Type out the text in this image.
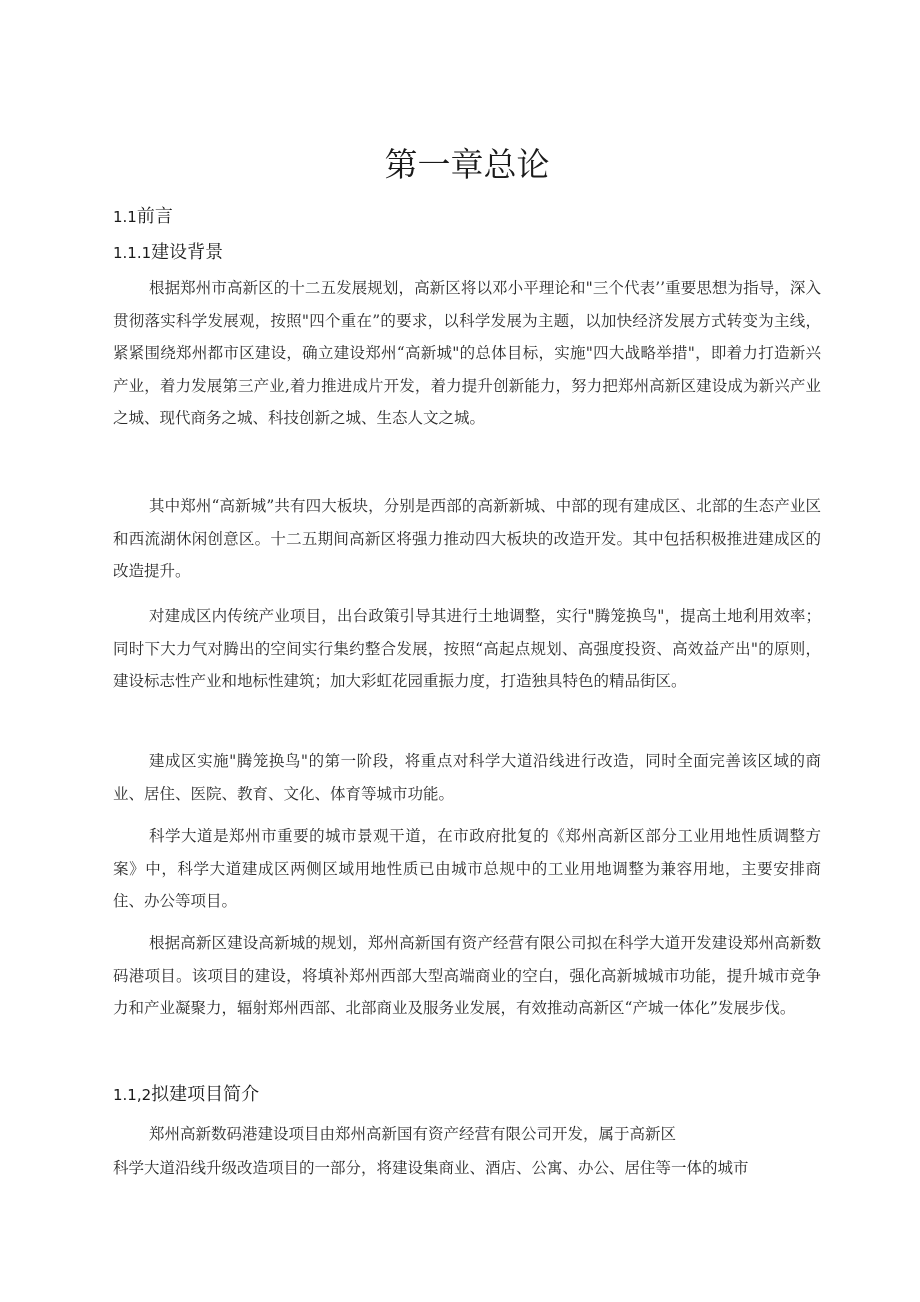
第一章总论
1.1前言
1.1.1建设背景

根据郑州市高新区的十二五发展规划，高新区将以邓小平理论和"三个代表’’重要思想为指导，深入贯彻落实科学发展观，按照"四个重在”的要求，以科学发展为主题，以加快经济发展方式转变为主线，紧紧围绕郑州都市区建设，确立建设郑州“高新城"的总体目标，实施"四大战略举措"，即着力打造新兴产业，着力发展第三产业,着力推进成片开发，着力提升创新能力，努力把郑州高新区建设成为新兴产业之城、现代商务之城、科技创新之城、生态人文之城。

其中郑州“高新城”共有四大板块，分别是西部的高新新城、中部的现有建成区、北部的生态产业区和西流湖休闲创意区。十二五期间高新区将强力推动四大板块的改造开发。其中包括积极推进建成区的改造提升。

对建成区内传统产业项目，出台政策引导其进行土地调整，实行"腾笼换鸟"，提高土地利用效率；同时下大力气对腾出的空间实行集约整合发展，按照“高起点规划、高强度投资、高效益产出"的原则，建设标志性产业和地标性建筑；加大彩虹花园重振力度，打造独具特色的精品街区。

建成区实施"腾笼换鸟"的第一阶段，将重点对科学大道沿线进行改造，同时全面完善该区域的商业、居住、医院、教育、文化、体育等城市功能。

科学大道是郑州市重要的城市景观干道，在市政府批复的《郑州高新区部分工业用地性质调整方案》中，科学大道建成区两侧区域用地性质已由城市总规中的工业用地调整为兼容用地，主要安排商住、办公等项目。

根据高新区建设高新城的规划，郑州高新国有资产经营有限公司拟在科学大道开发建设郑州高新数码港项目。该项目的建设，将填补郑州西部大型高端商业的空白，强化高新城城市功能，提升城市竞争力和产业凝聚力，辐射郑州西部、北部商业及服务业发展，有效推动高新区“产城一体化”发展步伐。

1.1,2拟建项目简介
郑州高新数码港建设项目由郑州高新国有资产经营有限公司开发，属于高新区
科学大道沿线升级改造项目的一部分，将建设集商业、酒店、公寓、办公、居住等一体的城市
